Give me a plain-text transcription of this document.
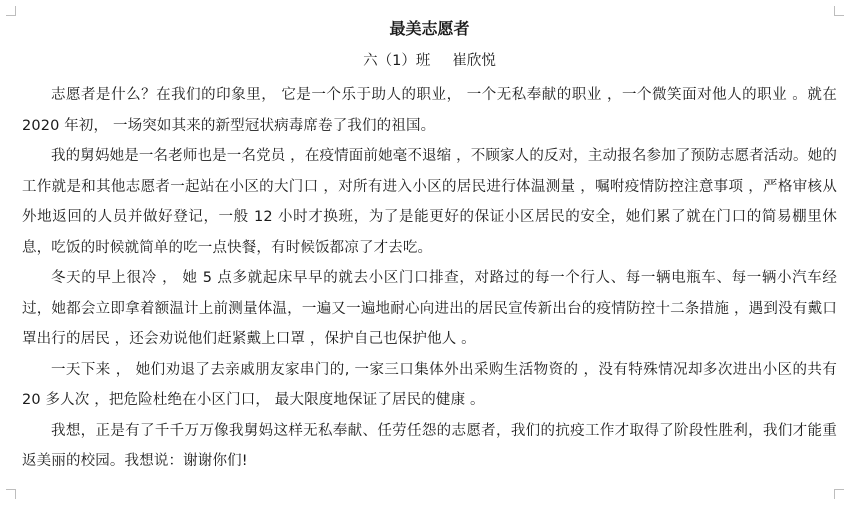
最美志愿者

六（1）班 崔欣悦

志愿者是什么？在我们的印象里， 它是一个乐于助人的职业， 一个无私奉献的职业 ，一个微笑面对他人的职业 。就在 2020 年初， 一场突如其来的新型冠状病毒席卷了我们的祖国。

我的舅妈她是一名老师也是一名党员 ，在疫情面前她毫不退缩 ，不顾家人的反对，主动报名参加了预防志愿者活动。她的工作就是和其他志愿者一起站在小区的大门口 ，对所有进入小区的居民进行体温测量 ，嘱咐疫情防控注意事项 ，严格审核从外地返回的人员并做好登记，一般 12 小时才换班，为了是能更好的保证小区居民的安全，她们累了就在门口的简易棚里休息，吃饭的时候就简单的吃一点快餐，有时候饭都凉了才去吃。

冬天的早上很冷 ， 她 5 点多就起床早早的就去小区门口排查，对路过的每一个行人、每一辆电瓶车、每一辆小汽车经过，她都会立即拿着额温计上前测量体温，一遍又一遍地耐心向进出的居民宣传新出台的疫情防控十二条措施 ，遇到没有戴口罩出行的居民 ，还会劝说他们赶紧戴上口罩 ，保护自己也保护他人 。

一天下来 ， 她们劝退了去亲戚朋友家串门的, 一家三口集体外出采购生活物资的 ，没有特殊情况却多次进出小区的共有 20 多人次 ，把危险杜绝在小区门口， 最大限度地保证了居民的健康 。

我想，正是有了千千万万像我舅妈这样无私奉献、任劳任怨的志愿者，我们的抗疫工作才取得了阶段性胜利，我们才能重返美丽的校园。我想说：谢谢你们!
